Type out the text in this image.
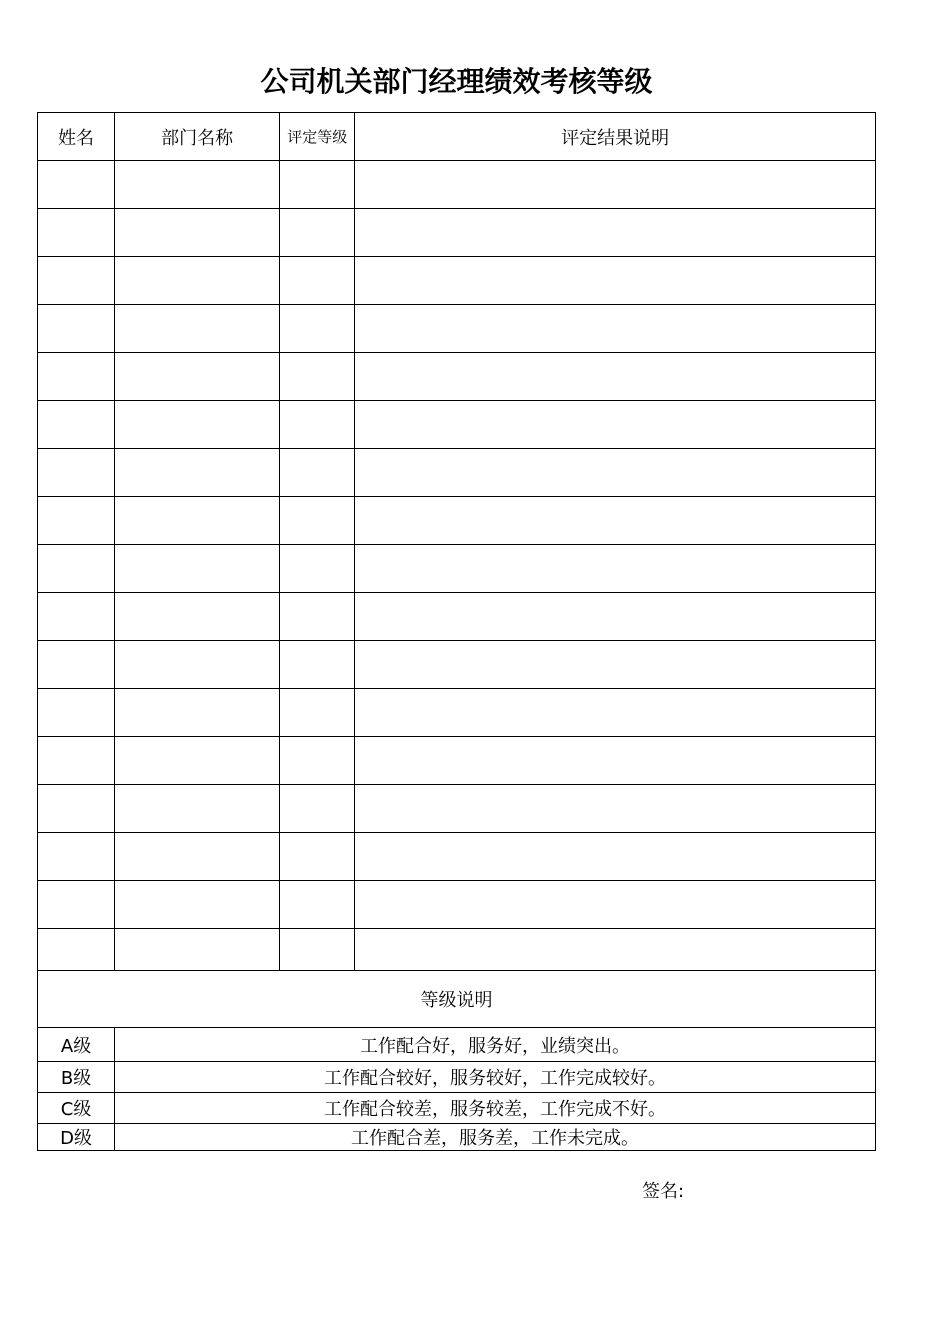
公司机关部门经理绩效考核等级
姓名	部门名称	评定等级	评定结果说明

等级说明			
A级	工作配合好，服务好，业绩突出。		
B级	工作配合较好，服务较好，工作完成较好。		
C级	工作配合较差，服务较差，工作完成不好。		
D级	工作配合差，服务差，工作未完成。		
签名:
